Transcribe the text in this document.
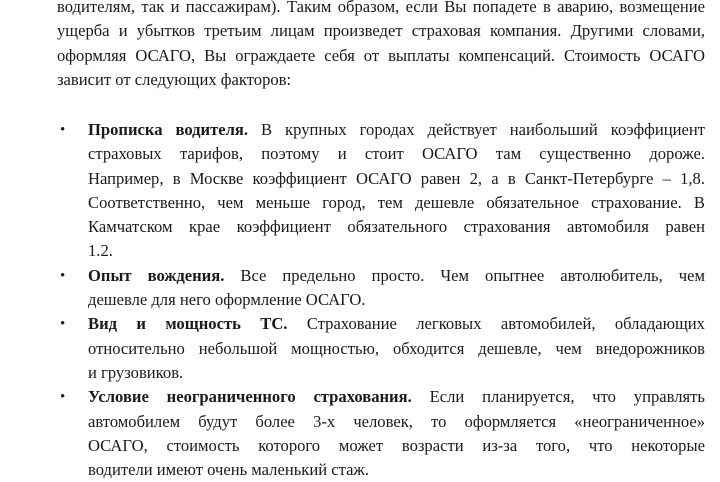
водителям, так и пассажирам). Таким образом, если Вы попадете в аварию, возмещение
ущерба и убытков третьим лицам произведет страховая компания. Другими словами,
оформляя ОСАГО, Вы ограждаете себя от выплаты компенсаций. Стоимость ОСАГО
зависит от следующих факторов:
• Прописка водителя. В крупных городах действует наибольший коэффициент
страховых тарифов, поэтому и стоит ОСАГО там существенно дороже.
Например, в Москве коэффициент ОСАГО равен 2, а в Санкт-Петербурге – 1,8.
Соответственно, чем меньше город, тем дешевле обязательное страхование. В
Камчатском крае коэффициент обязательного страхования автомобиля равен
1.2.
• Опыт вождения. Все предельно просто. Чем опытнее автолюбитель, чем
дешевле для него оформление ОСАГО.
• Вид и мощность ТС. Страхование легковых автомобилей, обладающих
относительно небольшой мощностью, обходится дешевле, чем внедорожников
и грузовиков.
• Условие неограниченного страхования. Если планируется, что управлять
автомобилем будут более 3-х человек, то оформляется «неограниченное»
ОСАГО, стоимость которого может возрасти из-за того, что некоторые
водители имеют очень маленький стаж.
